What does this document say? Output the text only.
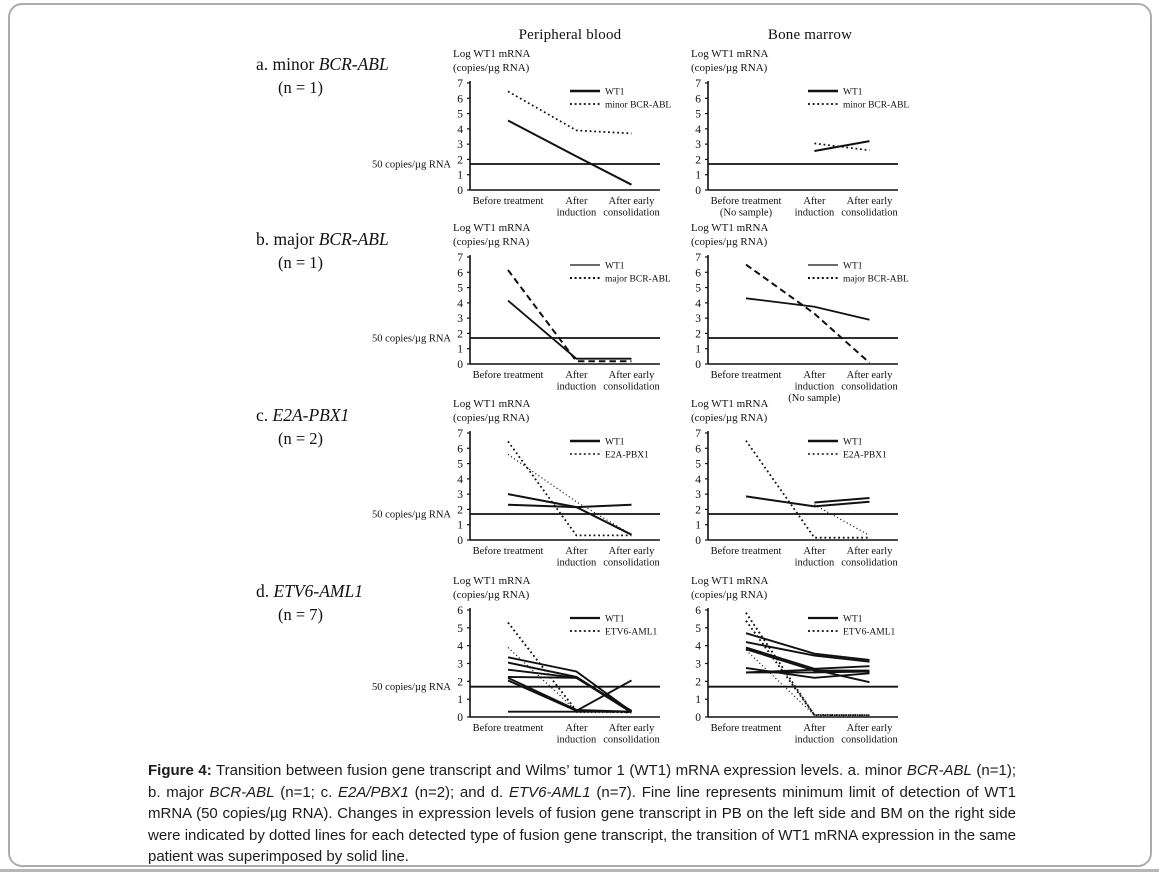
Peripheral blood	Bone marrow
a. minor BCR-ABL
(n = 1)
b. major BCR-ABL
(n = 1)
c. E2A-PBX1
(n = 2)
d. ETV6-AML1
(n = 7)
Log WT1 mRNA
(copies/µg RNA)
50 copies/µg RNA
0
1
2
3
4
5
6
7
WT1
minor BCR-ABL
Before treatment After
induction
After early
consolidation
Log WT1 mRNA
(copies/µg RNA)
0
1
2
3
4
5
6
7
WT1
minor BCR-ABL
Before treatment
(No sample)
After
induction
After early
consolidation
Log WT1 mRNA
(copies/µg RNA)
50 copies/µg RNA
0
1
2
3
4
5
6
7
WT1
major BCR-ABL
Before treatment After
induction
After early
consolidation
Log WT1 mRNA
(copies/µg RNA)
0
1
2
3
4
5
6
7
WT1
major BCR-ABL
Before treatment After
induction
(No sample)
After early
consolidation
Log WT1 mRNA
(copies/µg RNA)
50 copies/µg RNA
0
1
2
3
4
5
6
7
WT1
E2A-PBX1
Before treatment After
induction
After early
consolidation
Log WT1 mRNA
(copies/µg RNA)
0
1
2
3
4
5
6
7
WT1
E2A-PBX1
Before treatment After
induction
After early
consolidation
Log WT1 mRNA
(copies/µg RNA)
50 copies/µg RNA
0
1
2
3
4
5
6
WT1
ETV6-AML1
Before treatment After
induction
After early
consolidation
Log WT1 mRNA
(copies/µg RNA)
0
1
2
3
4
5
6
WT1
ETV6-AML1
Before treatment After
induction
After early
consolidation

Figure 4: Transition between fusion gene transcript and Wilms’ tumor 1 (WT1) mRNA expression levels. a. minor BCR-ABL (n=1); b. major BCR-ABL (n=1; c. E2A/PBX1 (n=2); and d. ETV6-AML1 (n=7). Fine line represents minimum limit of detection of WT1 mRNA (50 copies/µg RNA). Changes in expression levels of fusion gene transcript in PB on the left side and BM on the right side were indicated by dotted lines for each detected type of fusion gene transcript, the transition of WT1 mRNA expression in the same patient was superimposed by solid line.
